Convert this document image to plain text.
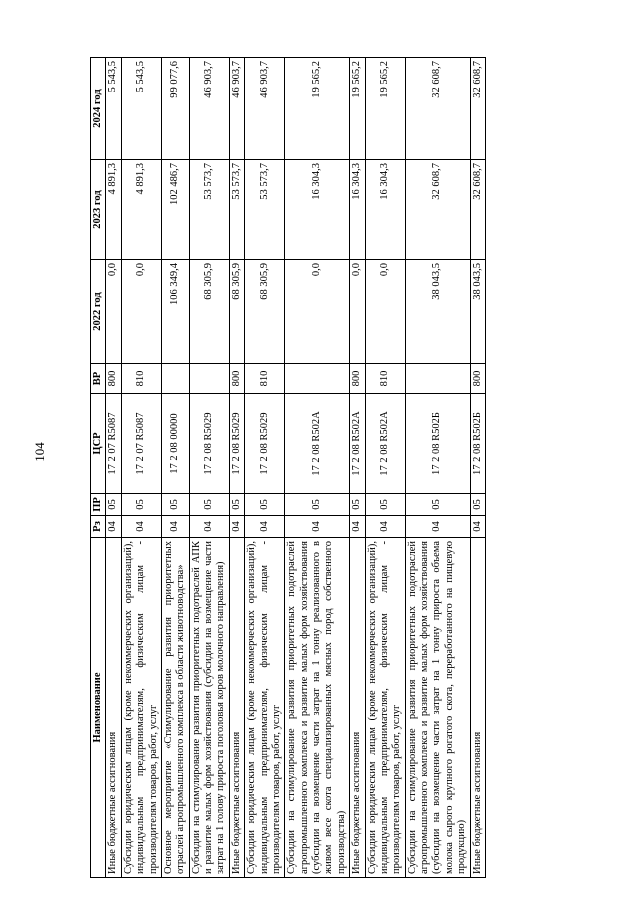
104
Наименование	Рз	ПР	ЦСР	ВР	2022 год	2023 год	2024 год
Иные бюджетные ассигнования	04	05	17 2 07 R5087	800	0,0	4 891,3	5 543,5
Субсидии юридическим лицам (кроме некоммерческих организаций), индивидуальным предпринимателям, физическим лицам - производителям товаров, работ, услуг	04	05	17 2 07 R5087	810	0,0	4 891,3	5 543,5
Основное мероприятие «Стимулирование развития приоритетных отраслей агропромышленного комплекса в области животноводства»	04	05	17 2 08 00000		106 349,4	102 486,7	99 077,6
Субсидии на стимулирование развития приоритетных подотраслей АПК и развитие малых форм хозяйствования (субсидии на возмещение части затрат на 1 голову прироста поголовья коров молочного направления)	04	05	17 2 08 R5029		68 305,9	53 573,7	46 903,7
Иные бюджетные ассигнования	04	05	17 2 08 R5029	800	68 305,9	53 573,7	46 903,7
Субсидии юридическим лицам (кроме некоммерческих организаций), индивидуальным предпринимателям, физическим лицам - производителям товаров, работ, услуг	04	05	17 2 08 R5029	810	68 305,9	53 573,7	46 903,7
Субсидии на стимулирование развития приоритетных подотраслей агропромышленного комплекса и развитие малых форм хозяйствования (субсидии на возмещение части затрат на 1 тонну реализованного в живом весе скота специализированных мясных пород собственного производства)	04	05	17 2 08 R502А		0,0	16 304,3	19 565,2
Иные бюджетные ассигнования	04	05	17 2 08 R502А	800	0,0	16 304,3	19 565,2
Субсидии юридическим лицам (кроме некоммерческих организаций), индивидуальным предпринимателям, физическим лицам - производителям товаров, работ, услуг	04	05	17 2 08 R502А	810	0,0	16 304,3	19 565,2
Субсидии на стимулирование развития приоритетных подотраслей агропромышленного комплекса и развитие малых форм хозяйствования (субсидии на возмещение части затрат на 1 тонну прироста объема молока сырого крупного рогатого скота, переработанного на пищевую продукцию)	04	05	17 2 08 R502Б		38 043,5	32 608,7	32 608,7
Иные бюджетные ассигнования	04	05	17 2 08 R502Б	800	38 043,5	32 608,7	32 608,7
